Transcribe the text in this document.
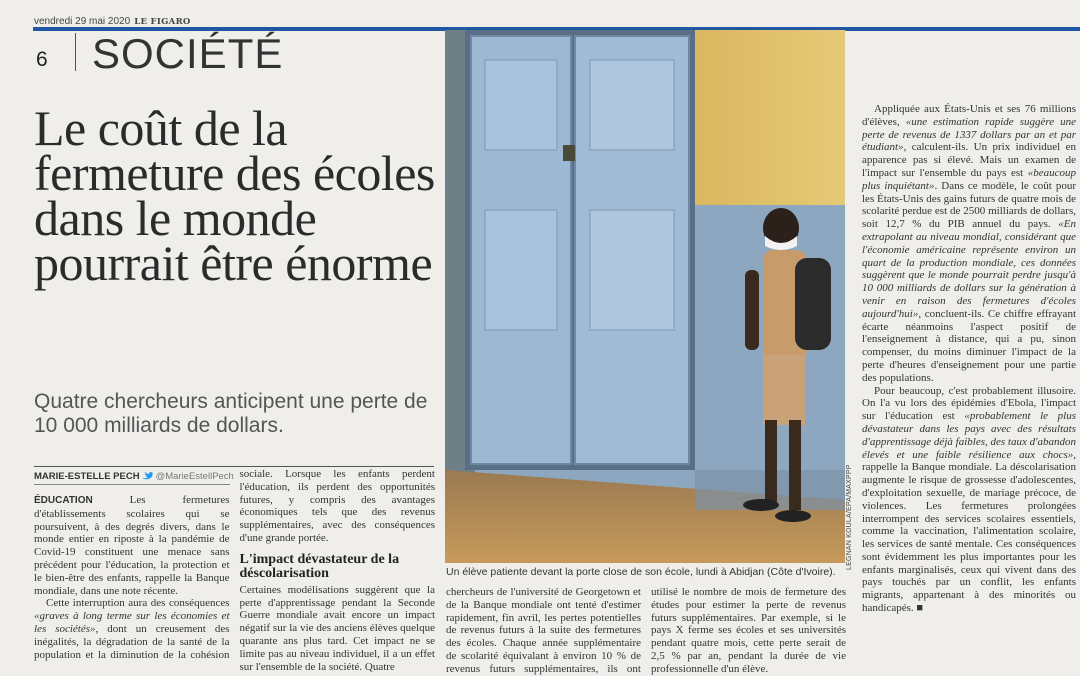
vendredi 29 mai 2020 LE FIGARO
6 SOCIÉTÉ
Le coût de la fermeture des écoles dans le monde pourrait être énorme
Quatre chercheurs anticipent une perte de 10 000 milliards de dollars.
MARIE-ESTELLE PECH @MarieEstellPech

ÉDUCATION	Les fermetures d'établissements scolaires qui se poursuivent, à des degrés divers, dans le monde entier en riposte à la pandémie de Covid-19 constituent une menace sans précédent pour l'éducation, la protection et le bien-être des enfants, rappelle la Banque mondiale, dans une note récente.

Cette interruption aura des conséquences «graves à long terme sur les économies et les sociétés», dont un creusement des inégalités, la dégradation de la santé de la population et la diminution de la cohésion sociale. Lorsque les enfants perdent l'éducation, ils perdent des opportunités futures, y compris des avantages économiques tels que des revenus supplémentaires, avec des conséquences d'une grande portée.

L'impact dévastateur de la déscolarisation

Certaines modélisations suggèrent que la perte d'apprentissage pendant la Seconde Guerre mondiale avait encore un impact négatif sur la vie des anciens élèves quelque quarante ans plus tard. Cet impact ne se limite pas au niveau individuel, il a un effet sur l'ensemble de la société. Quatre

chercheurs de l'université de Georgetown et de la Banque mondiale ont tenté d'estimer rapidement, fin avril, les pertes potentielles de revenus futurs à la suite des fermetures des écoles. Chaque année supplémentaire de scolarité équivalant à environ 10 % de revenus futurs supplémentaires, ils ont utilisé le nombre de mois de fermeture des études pour estimer la perte de revenus futurs supplémentaires. Par exemple, si le pays X ferme ses écoles et ses universités pendant quatre mois, cette perte serait de 2,5 % par an, pendant la durée de vie professionnelle d'un élève.

Appliquée aux États-Unis et ses 76 millions d'élèves, «une estimation rapide suggère une perte de revenus de 1337 dollars par an et par étudiant», calculent-ils. Un prix individuel en apparence pas si élevé. Mais un examen de l'impact sur l'ensemble du pays est «beaucoup plus inquiétant». Dans ce modèle, le coût pour les États-Unis des gains futurs de quatre mois de scolarité perdue est de 2500 milliards de dollars, soit 12,7 % du PIB annuel du pays. «En extrapolant au niveau mondial, considérant que l'économie américaine représente environ un quart de la production mondiale, ces données suggèrent que le monde pourrait perdre jusqu'à 10 000 milliards de dollars sur la génération à venir en raison des fermetures d'écoles aujourd'hui», concluent-ils. Ce chiffre effrayant écarte néanmoins l'aspect positif de l'enseignement à distance, qui a pu, sinon compenser, du moins diminuer l'impact de la perte d'heures d'enseignement pour une partie des populations.

Pour beaucoup, c'est probablement illusoire. On l'a vu lors des épidémies d'Ebola, l'impact sur l'éducation est «probablement le plus dévastateur dans les pays avec des résultats d'apprentissage déjà faibles, des taux d'abandon élevés et une faible résilience aux chocs», rappelle la Banque mondiale. La déscolarisation augmente le risque de grossesse d'adolescentes, d'exploitation sexuelle, de mariage précoce, de violences. Les fermetures prolongées interrompent des services scolaires essentiels, comme la vaccination, l'alimentation scolaire, les services de santé mentale. Ces conséquences sont évidemment les plus importantes pour les enfants marginalisés, ceux qui vivent dans des pays touchés par un conflit, les enfants migrants, appartenant à des minorités ou handicapés. ■

Un élève patiente devant la porte close de son école, lundi à Abidjan (Côte d'Ivoire).
LEGNAN KOULA/EPA/MAXPPP
